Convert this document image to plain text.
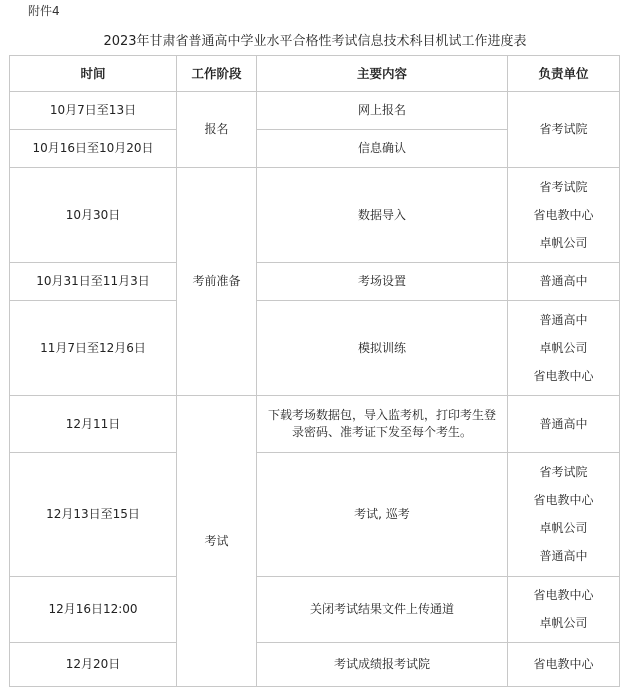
附件4
2023年甘肃省普通高中学业水平合格性考试信息技术科目机试工作进度表
时间	工作阶段	主要内容	负责单位
10月7日至13日	报名	网上报名	省考试院

10月16日至10月20日		信息确认	
10月30日	考前准备	数据导入	省考试院
省电教中心
卓帆公司

10月31日至11月3日		考场设置	普通高中

11月7日至12月6日		模拟训练	普通高中
卓帆公司
省电教中心

12月11日	考试	下载考场数据包，导入监考机，打印考生登录密码、准考证下发至每个考生。	普通高中

12月13日至15日		考试, 巡考	省考试院
省电教中心
卓帆公司
普通高中

12月16日12:00		关闭考试结果文件上传通道	省电教中心
卓帆公司

12月20日		考试成绩报考试院	省电教中心
